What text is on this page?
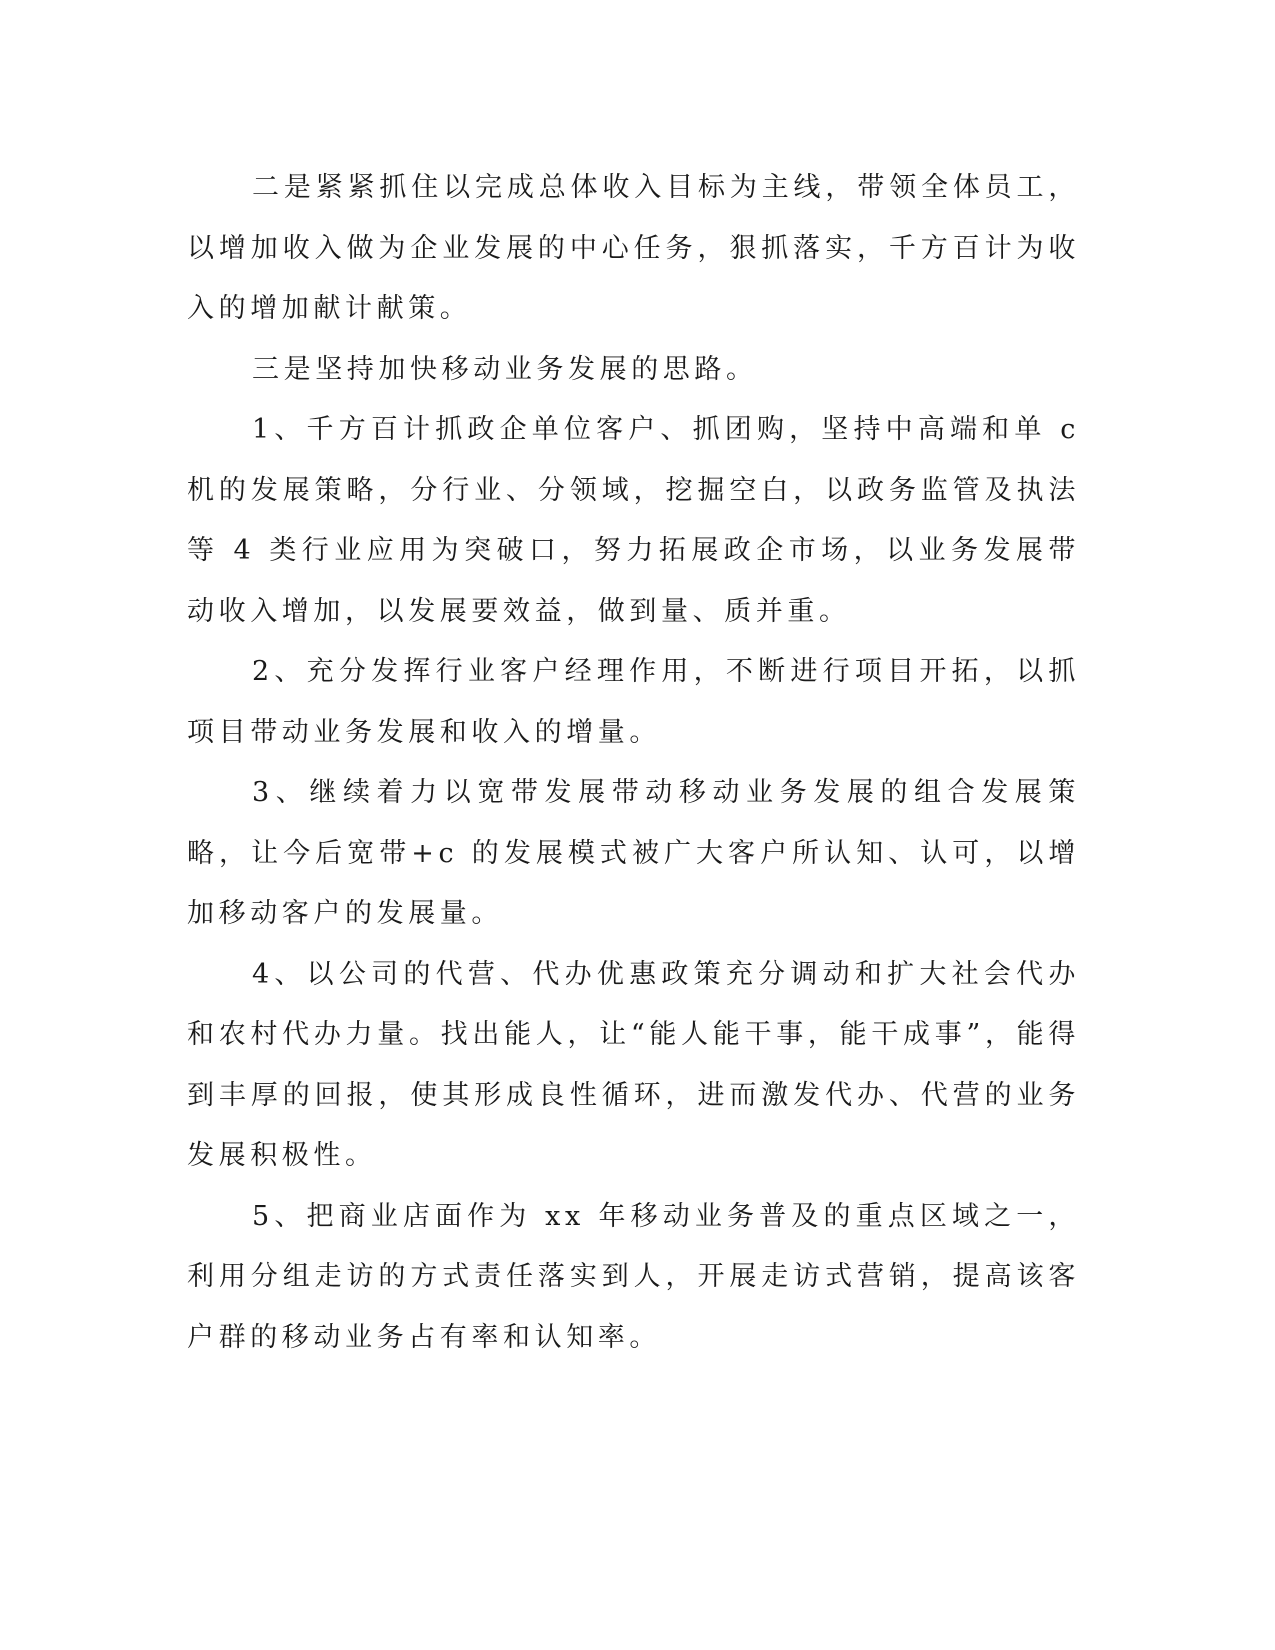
二是紧紧抓住以完成总体收入目标为主线，带领全体员工，以增加收入做为企业发展的中心任务，狠抓落实，千方百计为收入的增加献计献策。

三是坚持加快移动业务发展的思路。

1、千方百计抓政企单位客户、抓团购，坚持中高端和单 c 机的发展策略，分行业、分领域，挖掘空白，以政务监管及执法等 4 类行业应用为突破口，努力拓展政企市场，以业务发展带动收入增加，以发展要效益，做到量、质并重。

2、充分发挥行业客户经理作用，不断进行项目开拓，以抓项目带动业务发展和收入的增量。

3、继续着力以宽带发展带动移动业务发展的组合发展策略，让今后宽带+c 的发展模式被广大客户所认知、认可，以增加移动客户的发展量。

4、以公司的代营、代办优惠政策充分调动和扩大社会代办和农村代办力量。找出能人，让“能人能干事，能干成事”，能得到丰厚的回报，使其形成良性循环，进而激发代办、代营的业务发展积极性。

5、把商业店面作为 xx 年移动业务普及的重点区域之一，利用分组走访的方式责任落实到人，开展走访式营销，提高该客户群的移动业务占有率和认知率。
